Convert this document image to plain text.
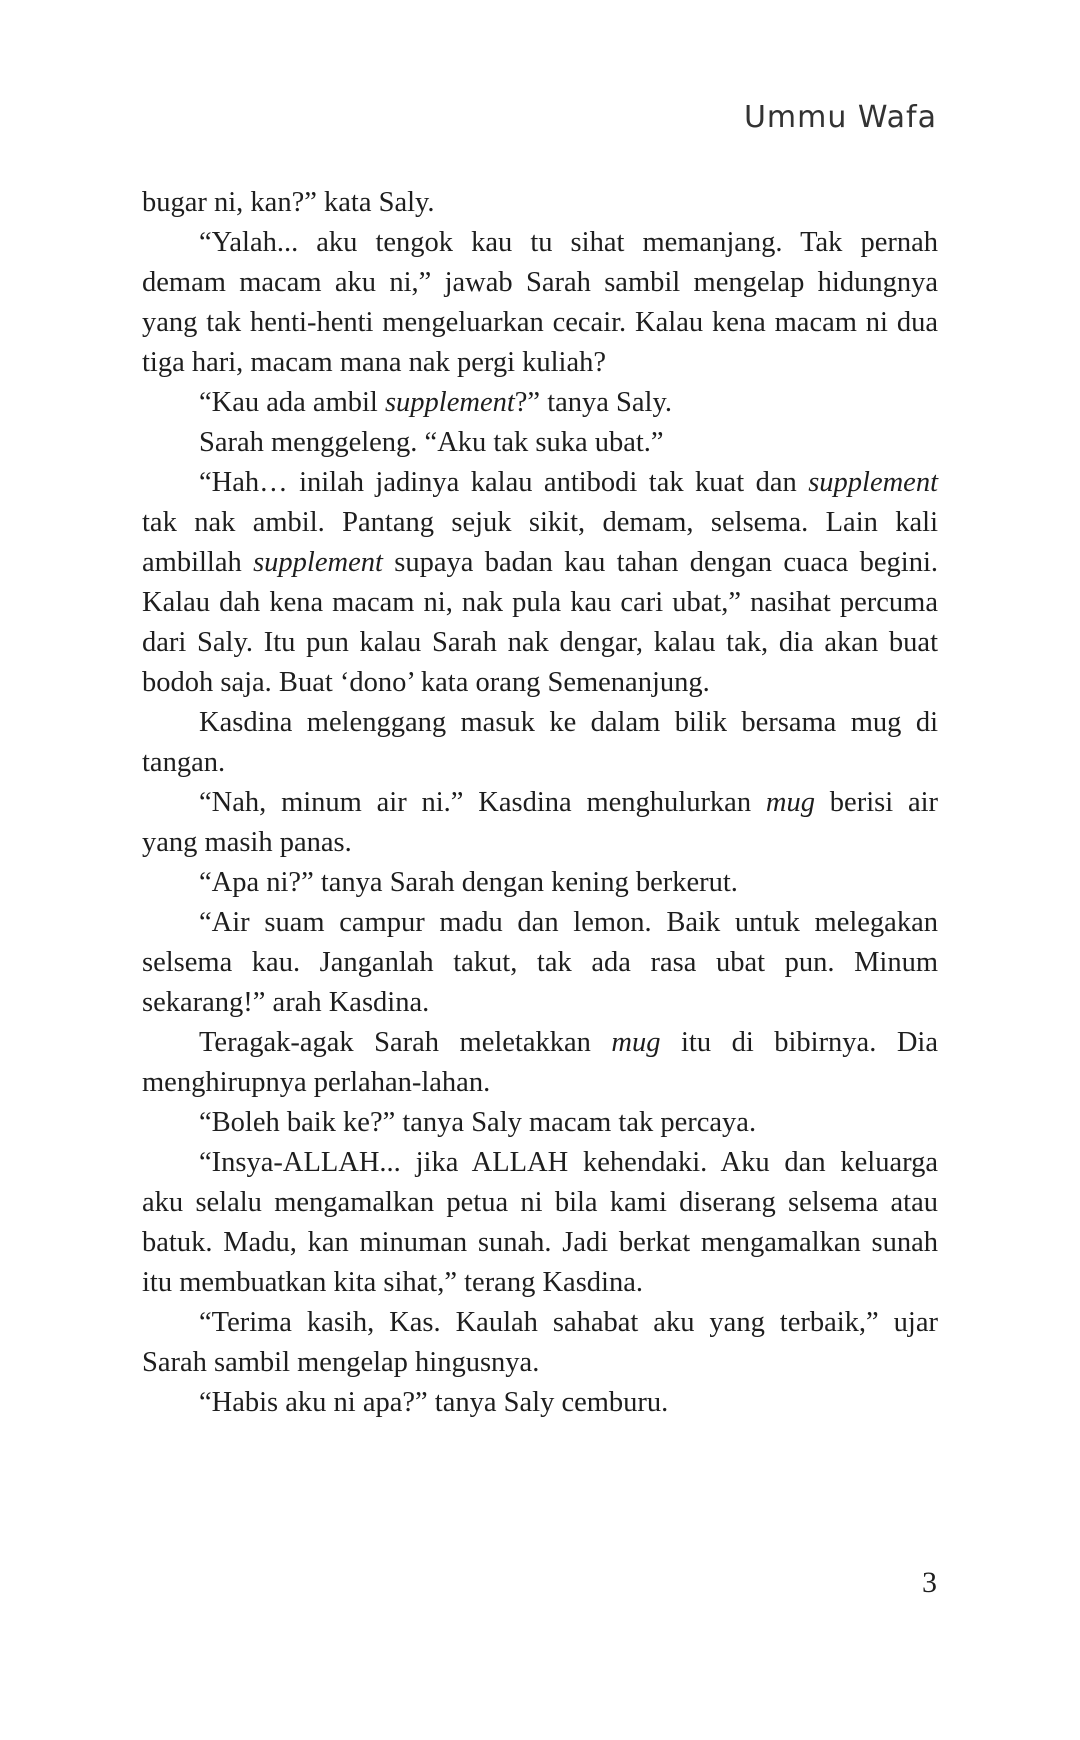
Ummu Wafa

bugar ni, kan?” kata Saly.

“Yalah... aku tengok kau tu sihat memanjang. Tak pernah demam macam aku ni,” jawab Sarah sambil mengelap hidungnya yang tak henti-henti mengeluarkan cecair. Kalau kena macam ni dua tiga hari, macam mana nak pergi kuliah?

“Kau ada ambil supplement?” tanya Saly.

Sarah menggeleng. “Aku tak suka ubat.”

“Hah… inilah jadinya kalau antibodi tak kuat dan supplement tak nak ambil. Pantang sejuk sikit, demam, selsema. Lain kali ambillah supplement supaya badan kau tahan dengan cuaca begini. Kalau dah kena macam ni, nak pula kau cari ubat,” nasihat percuma dari Saly. Itu pun kalau Sarah nak dengar, kalau tak, dia akan buat bodoh saja. Buat ‘dono’ kata orang Semenanjung.

Kasdina melenggang masuk ke dalam bilik bersama mug di tangan.

“Nah, minum air ni.” Kasdina menghulurkan mug berisi air yang masih panas.

“Apa ni?” tanya Sarah dengan kening berkerut.

“Air suam campur madu dan lemon. Baik untuk melegakan selsema kau. Janganlah takut, tak ada rasa ubat pun. Minum sekarang!” arah Kasdina.

Teragak-agak Sarah meletakkan mug itu di bibirnya. Dia menghirupnya perlahan-lahan.

“Boleh baik ke?” tanya Saly macam tak percaya.

“Insya-ALLAH... jika ALLAH kehendaki. Aku dan keluarga aku selalu mengamalkan petua ni bila kami diserang selsema atau batuk. Madu, kan minuman sunah. Jadi berkat mengamalkan sunah itu membuatkan kita sihat,” terang Kasdina.

“Terima kasih, Kas. Kaulah sahabat aku yang terbaik,” ujar Sarah sambil mengelap hingusnya.

“Habis aku ni apa?” tanya Saly cemburu.

3
